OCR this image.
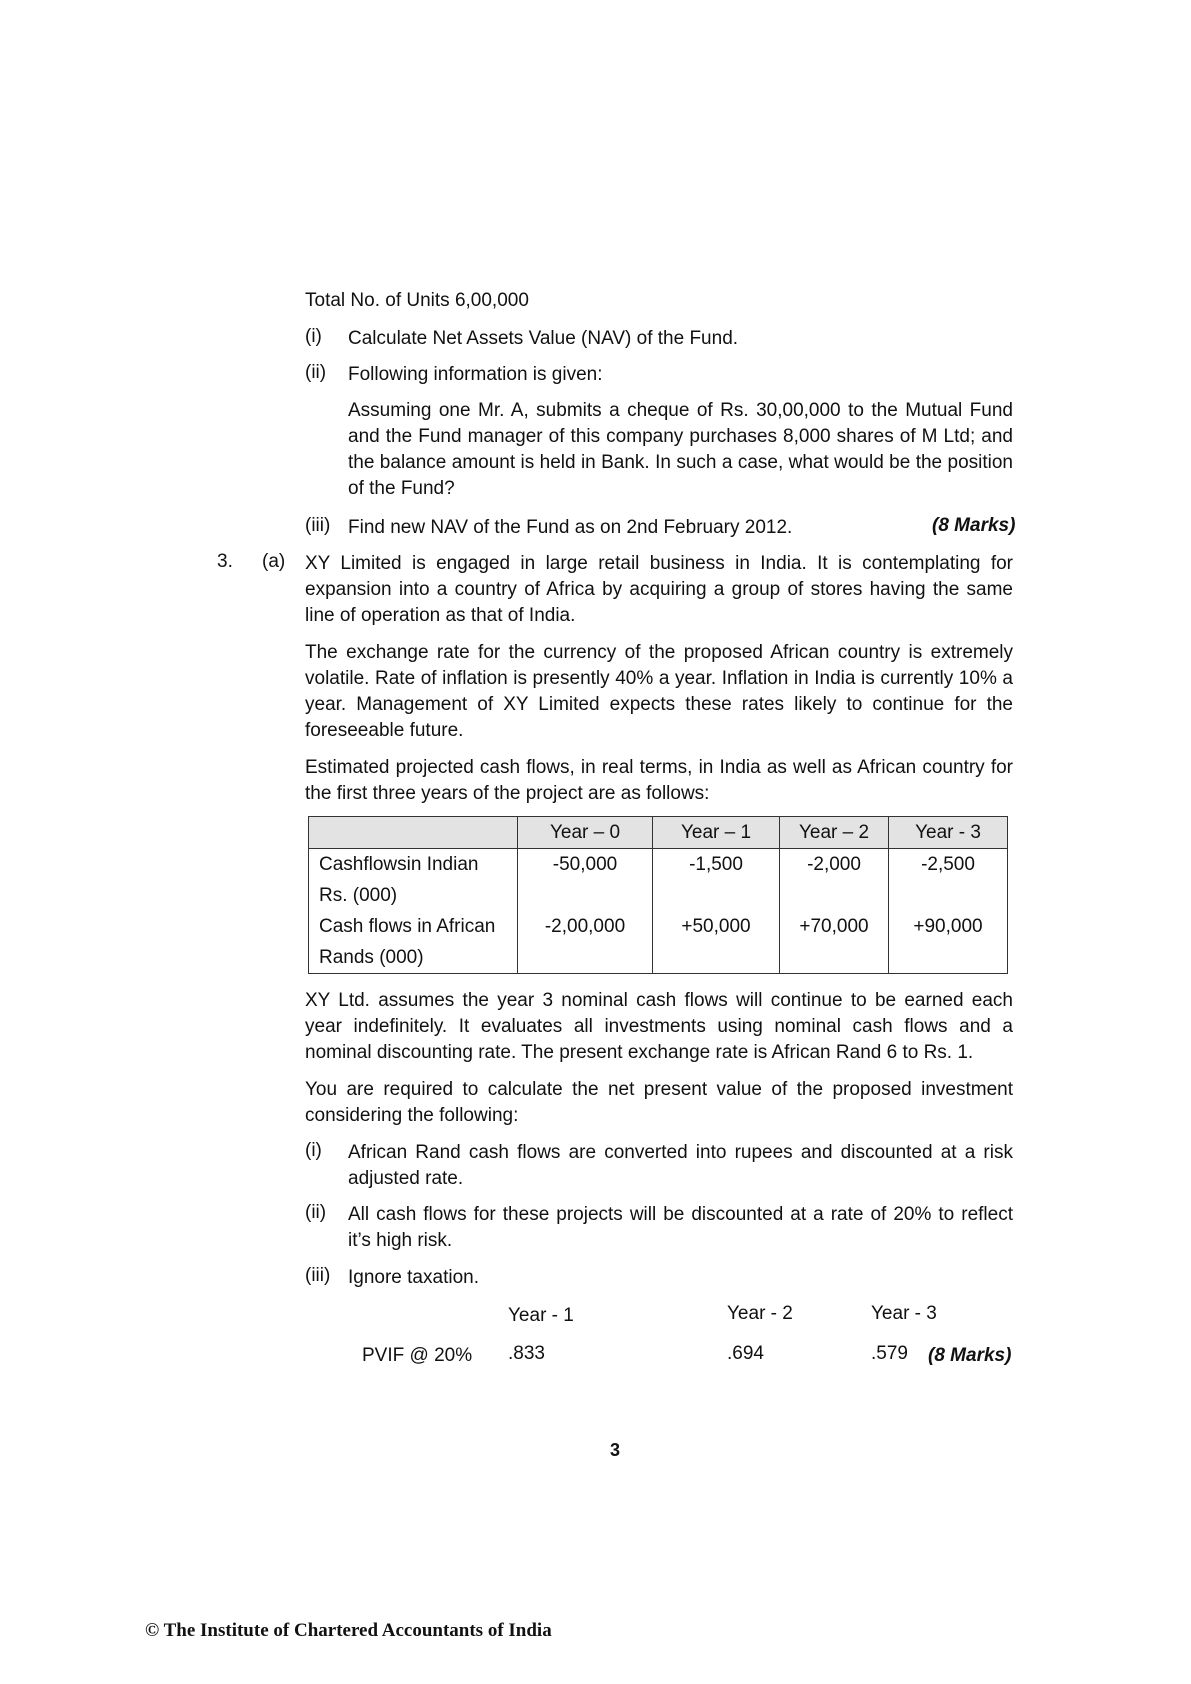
Total No. of Units 6,00,000
(i) Calculate Net Assets Value (NAV) of the Fund.
(ii) Following information is given:
Assuming one Mr. A, submits a cheque of Rs. 30,00,000 to the Mutual Fund and the Fund manager of this company purchases 8,000 shares of M Ltd; and the balance amount is held in Bank. In such a case, what would be the position of the Fund?
(iii) Find new NAV of the Fund as on 2nd February 2012.	(8 Marks)
3. (a) XY Limited is engaged in large retail business in India. It is contemplating for expansion into a country of Africa by acquiring a group of stores having the same line of operation as that of India.
The exchange rate for the currency of the proposed African country is extremely volatile. Rate of inflation is presently 40% a year. Inflation in India is currently 10% a year. Management of XY Limited expects these rates likely to continue for the foreseeable future.
Estimated projected cash flows, in real terms, in India as well as African country for the first three years of the project are as follows:
	Year – 0	Year – 1	Year – 2	Year - 3

Cashflowsin Indian
Rs. (000)	-50,000	-1,500	-2,000	-2,500

Cash flows in African
Rands (000)	-2,00,000	+50,000	+70,000	+90,000
XY Ltd. assumes the year 3 nominal cash flows will continue to be earned each year indefinitely. It evaluates all investments using nominal cash flows and a nominal discounting rate. The present exchange rate is African Rand 6 to Rs. 1.
You are required to calculate the net present value of the proposed investment considering the following:
(i) African Rand cash flows are converted into rupees and discounted at a risk adjusted rate.
(ii) All cash flows for these projects will be discounted at a rate of 20% to reflect it’s high risk.
(iii) Ignore taxation.
Year - 1	Year - 2	Year - 3
PVIF @ 20% .833	.694	.579 (8 Marks)
3
© The Institute of Chartered Accountants of India
